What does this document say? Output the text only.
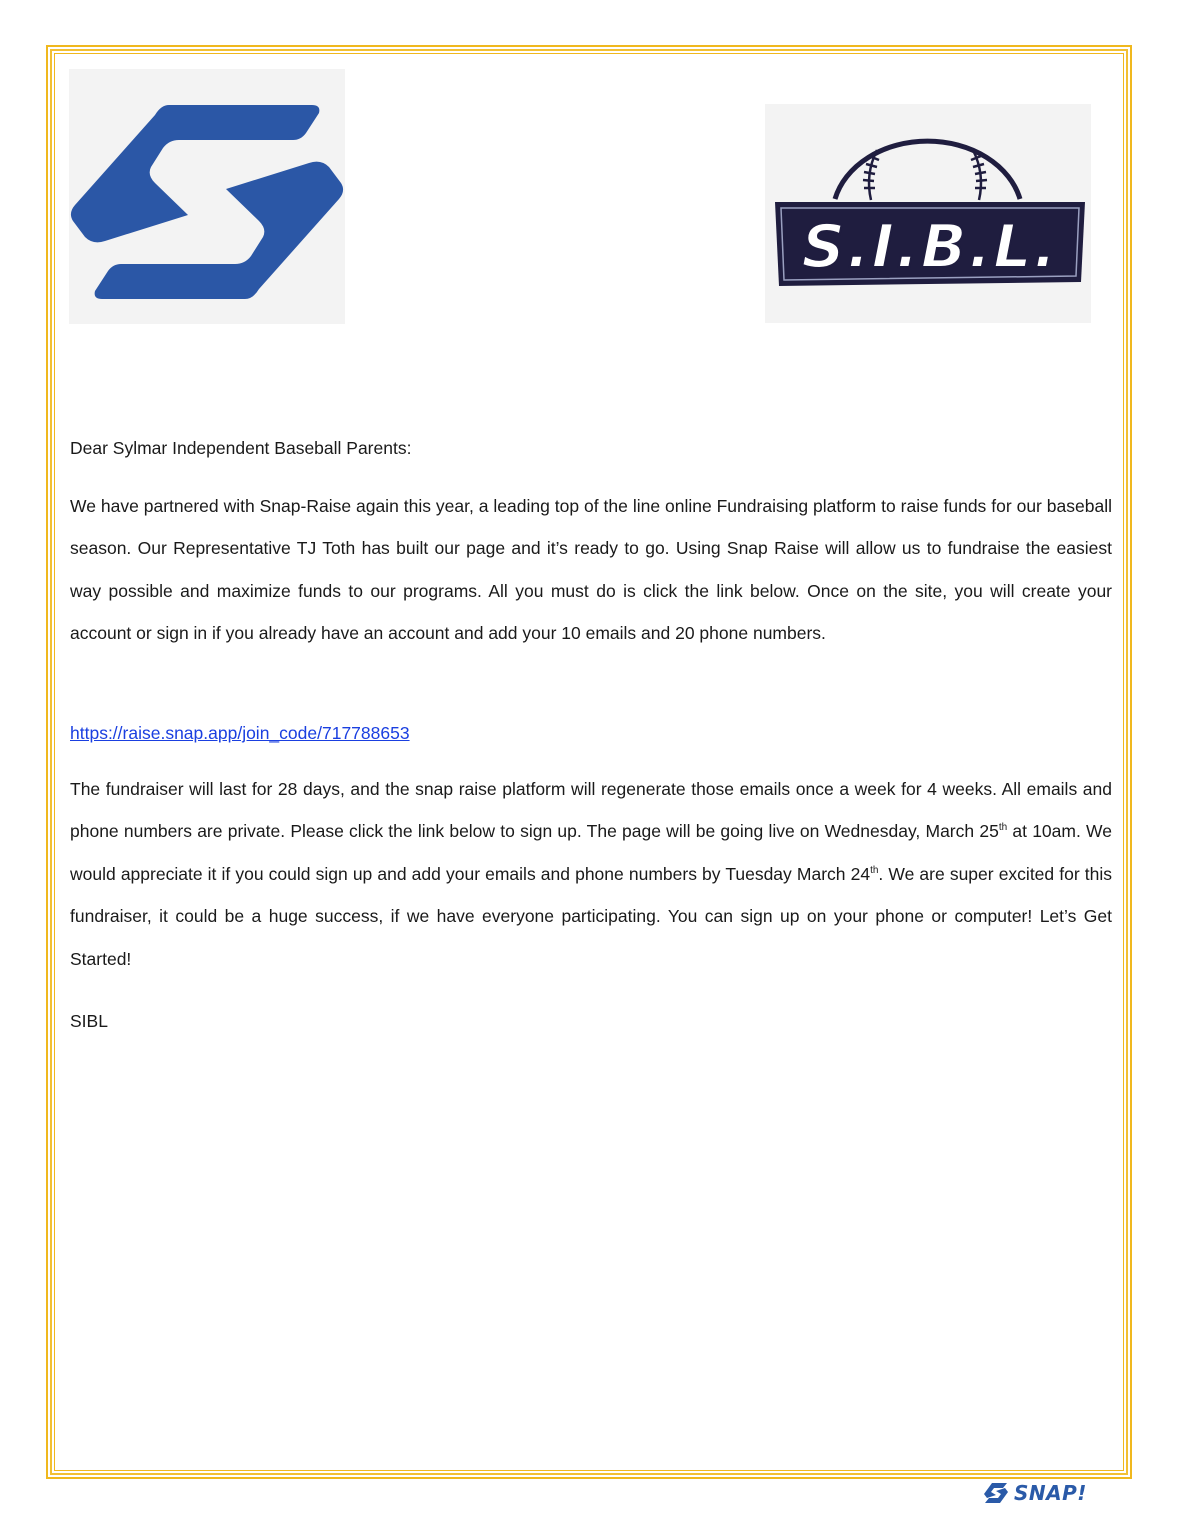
S.I.B.L.

Dear Sylmar Independent Baseball Parents:

We have partnered with Snap-Raise again this year, a leading top of the line online Fundraising platform to raise funds for our baseball season. Our Representative TJ Toth has built our page and it’s ready to go. Using Snap Raise will allow us to fundraise the easiest way possible and maximize funds to our programs. All you must do is click the link below. Once on the site, you will create your account or sign in if you already have an account and add your 10 emails and 20 phone numbers.

https://raise.snap.app/join_code/717788653

The fundraiser will last for 28 days, and the snap raise platform will regenerate those emails once a week for 4 weeks. All emails and phone numbers are private. Please click the link below to sign up. The page will be going live on Wednesday, March 25th at 10am. We would appreciate it if you could sign up and add your emails and phone numbers by Tuesday March 24th. We are super excited for this fundraiser, it could be a huge success, if we have everyone participating. You can sign up on your phone or computer! Let’s Get Started!

SIBL

SNAP!
